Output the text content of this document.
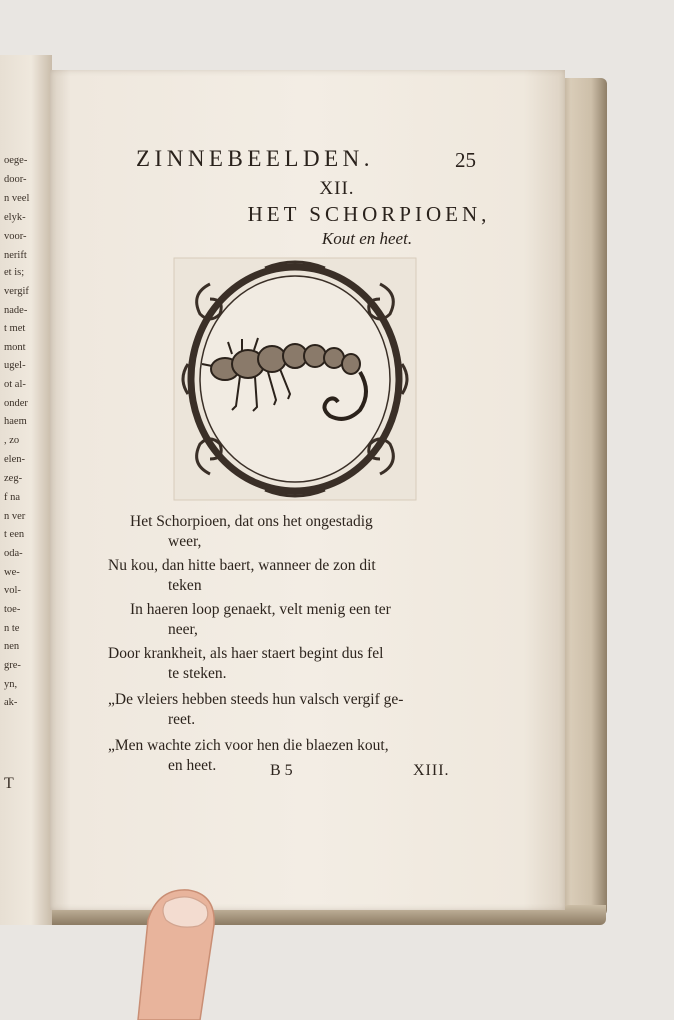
oege-
door-
n veel
elyk-
voor-
nerift
et is;
vergif
nade-
t met
mont
ugel-
ot al-
onder
haem
, zo
elen-
zeg-
f na
n ver
t een
oda-
we-
vol-
toe-
n te
nen
gre-
yn,
ak-
T
ZINNEBEELDEN.	25
XII.
HET SCHORPIOEN,
Kout en heet.
Het Schorpioen, dat ons het ongestadig
weer,
Nu kou, dan hitte baert, wanneer de zon dit
teken
In haeren loop genaekt, velt menig een ter
neer,
Door krankheit, als haer staert begint dus fel
te steken.
„De vleiers hebben steeds hun valsch vergif ge-
reet.
„Men wachte zich voor hen die blaezen kout,
en heet.	B 5	XIII.
